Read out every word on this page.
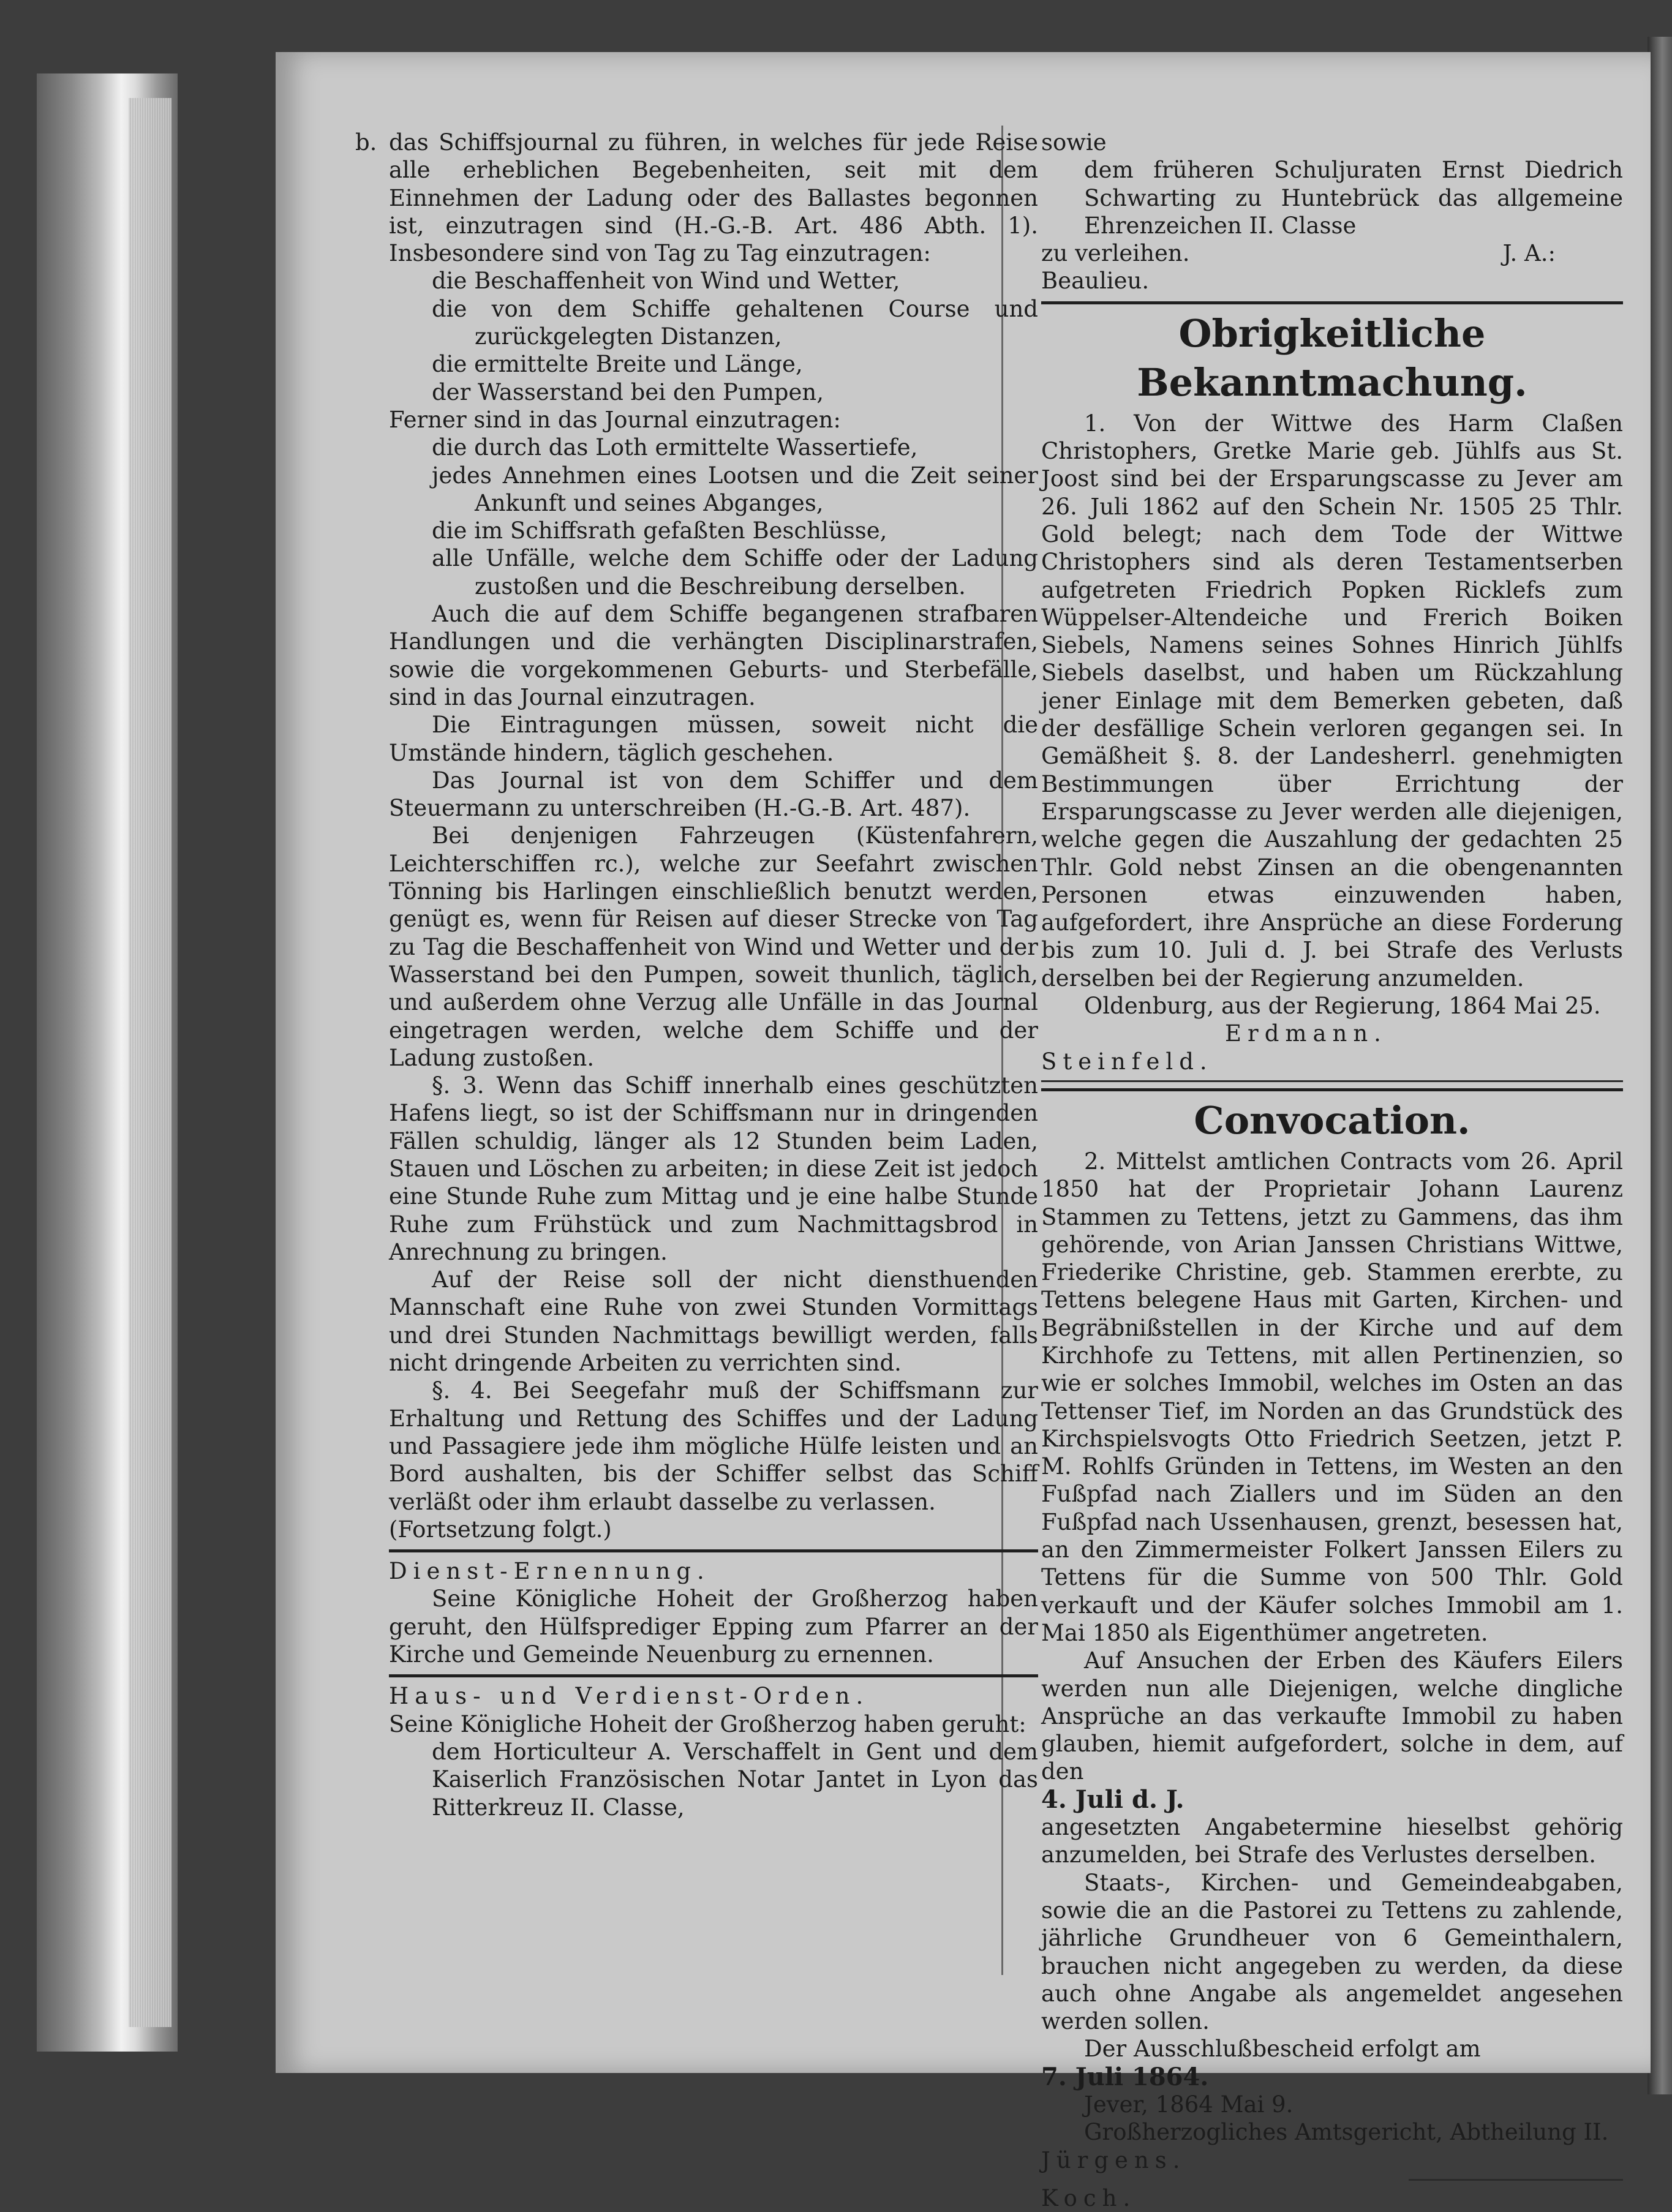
b. das Schiffsjournal zu führen, in welches für jede Reise alle erheblichen Begebenheiten, seit mit dem Einnehmen der Ladung oder des Ballastes begonnen ist, einzutragen sind (H.-G.-B. Art. 486 Abth. 1). Insbesondere sind von Tag zu Tag einzutragen:

die Beschaffenheit von Wind und Wetter,

die von dem Schiffe gehaltenen Course und zurückgelegten Distanzen,

die ermittelte Breite und Länge,

der Wasserstand bei den Pumpen,

Ferner sind in das Journal einzutragen:

die durch das Loth ermittelte Wassertiefe,

jedes Annehmen eines Lootsen und die Zeit seiner Ankunft und seines Abganges,

die im Schiffsrath gefaßten Beschlüsse,

alle Unfälle, welche dem Schiffe oder der Ladung zustoßen und die Beschreibung derselben.

Auch die auf dem Schiffe begangenen strafbaren Handlungen und die verhängten Disciplinarstrafen, sowie die vorgekommenen Geburts- und Sterbefälle, sind in das Journal einzutragen.

Die Eintragungen müssen, soweit nicht die Umstände hindern, täglich geschehen.

Das Journal ist von dem Schiffer und dem Steuermann zu unterschreiben (H.-G.-B. Art. 487).

Bei denjenigen Fahrzeugen (Küstenfahrern, Leichterschiffen rc.), welche zur Seefahrt zwischen Tönning bis Harlingen einschließlich benutzt werden, genügt es, wenn für Reisen auf dieser Strecke von Tag zu Tag die Beschaffenheit von Wind und Wetter und der Wasserstand bei den Pumpen, soweit thunlich, täglich, und außerdem ohne Verzug alle Unfälle in das Journal eingetragen werden, welche dem Schiffe und der Ladung zustoßen.

§. 3. Wenn das Schiff innerhalb eines geschützten Hafens liegt, so ist der Schiffsmann nur in dringenden Fällen schuldig, länger als 12 Stunden beim Laden, Stauen und Löschen zu arbeiten; in diese Zeit ist jedoch eine Stunde Ruhe zum Mittag und je eine halbe Stunde Ruhe zum Frühstück und zum Nachmittagsbrod in Anrechnung zu bringen.

Auf der Reise soll der nicht diensthuenden Mannschaft eine Ruhe von zwei Stunden Vormittags und drei Stunden Nachmittags bewilligt werden, falls nicht dringende Arbeiten zu verrichten sind.

§. 4. Bei Seegefahr muß der Schiffsmann zur Erhaltung und Rettung des Schiffes und der Ladung und Passagiere jede ihm mögliche Hülfe leisten und an Bord aushalten, bis der Schiffer selbst das Schiff verläßt oder ihm erlaubt dasselbe zu verlassen.

(Fortsetzung folgt.)

Dienst-Ernennung.

Seine Königliche Hoheit der Großherzog haben geruht, den Hülfsprediger Epping zum Pfarrer an der Kirche und Gemeinde Neuenburg zu ernennen.

Haus- und Verdienst-Orden.

Seine Königliche Hoheit der Großherzog haben geruht:

dem Horticulteur A. Verschaffelt in Gent und dem Kaiserlich Französischen Notar Jantet in Lyon das Ritterkreuz II. Classe,

sowie

dem früheren Schuljuraten Ernst Diedrich Schwarting zu Huntebrück das allgemeine Ehrenzeichen II. Classe

zu verleihen.	J. A.:

Beaulieu.

Obrigkeitliche Bekanntmachung.

1. Von der Wittwe des Harm Claßen Christophers, Gretke Marie geb. Jühlfs aus St. Joost sind bei der Ersparungscasse zu Jever am 26. Juli 1862 auf den Schein Nr. 1505 25 Thlr. Gold belegt; nach dem Tode der Wittwe Christophers sind als deren Testamentserben aufgetreten Friedrich Popken Ricklefs zum Wüppelser-Altendeiche und Frerich Boiken Siebels, Namens seines Sohnes Hinrich Jühlfs Siebels daselbst, und haben um Rückzahlung jener Einlage mit dem Bemerken gebeten, daß der desfällige Schein verloren gegangen sei. In Gemäßheit §. 8. der Landesherrl. genehmigten Bestimmungen über Errichtung der Ersparungscasse zu Jever werden alle diejenigen, welche gegen die Auszahlung der gedachten 25 Thlr. Gold nebst Zinsen an die obengenannten Personen etwas einzuwenden haben, aufgefordert, ihre Ansprüche an diese Forderung bis zum 10. Juli d. J. bei Strafe des Verlusts derselben bei der Regierung anzumelden.

Oldenburg, aus der Regierung, 1864 Mai 25.

Erdmann.

Steinfeld.

Convocation.

2. Mittelst amtlichen Contracts vom 26. April 1850 hat der Proprietair Johann Laurenz Stammen zu Tettens, jetzt zu Gammens, das ihm gehörende, von Arian Janssen Christians Wittwe, Friederike Christine, geb. Stammen ererbte, zu Tettens belegene Haus mit Garten, Kirchen- und Begräbnißstellen in der Kirche und auf dem Kirchhofe zu Tettens, mit allen Pertinenzien, so wie er solches Immobil, welches im Osten an das Tettenser Tief, im Norden an das Grundstück des Kirchspielsvogts Otto Friedrich Seetzen, jetzt P. M. Rohlfs Gründen in Tettens, im Westen an den Fußpfad nach Ziallers und im Süden an den Fußpfad nach Ussenhausen, grenzt, besessen hat, an den Zimmermeister Folkert Janssen Eilers zu Tettens für die Summe von 500 Thlr. Gold verkauft und der Käufer solches Immobil am 1. Mai 1850 als Eigenthümer angetreten.

Auf Ansuchen der Erben des Käufers Eilers werden nun alle Diejenigen, welche dingliche Ansprüche an das verkaufte Immobil zu haben glauben, hiemit aufgefordert, solche in dem, auf den

4. Juli d. J.

angesetzten Angabetermine hieselbst gehörig anzumelden, bei Strafe des Verlustes derselben.

Staats-, Kirchen- und Gemeindeabgaben, sowie die an die Pastorei zu Tettens zu zahlende, jährliche Grundheuer von 6 Gemeinthalern, brauchen nicht angegeben zu werden, da diese auch ohne Angabe als angemeldet angesehen werden sollen.

Der Ausschlußbescheid erfolgt am

7. Juli 1864.

Jever, 1864 Mai 9.

Großherzogliches Amtsgericht, Abtheilung II.

Jürgens.

Koch.
